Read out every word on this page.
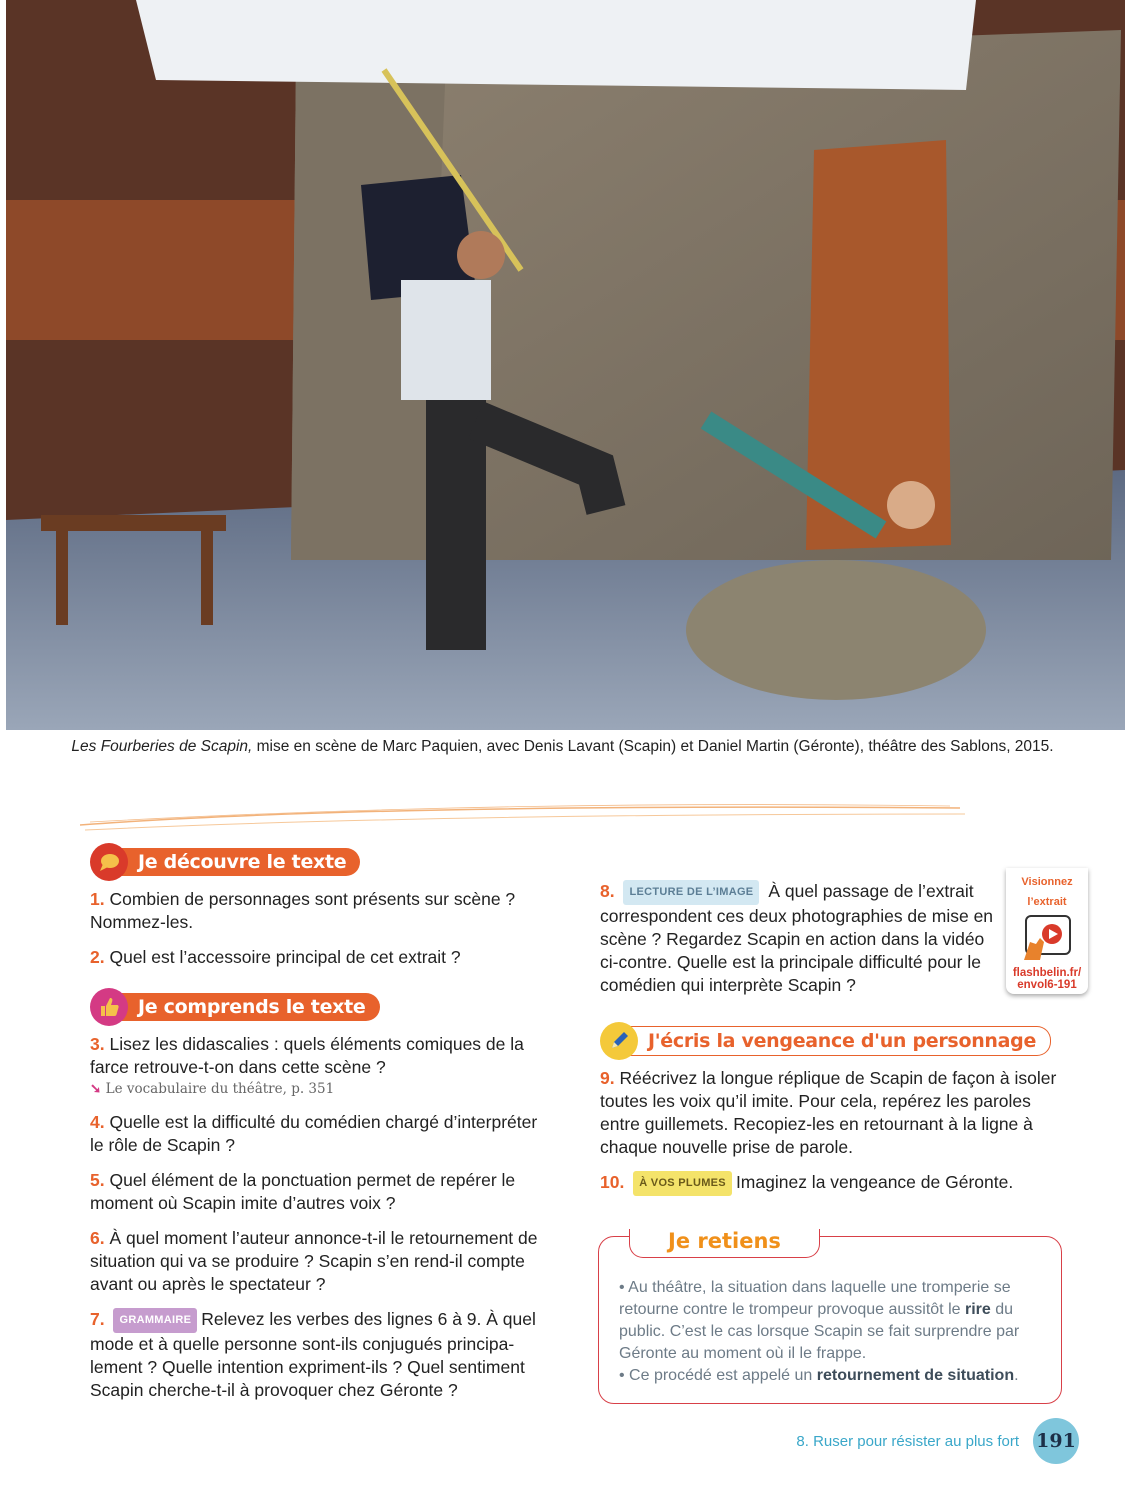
Les Fourberies de Scapin, mise en scène de Marc Paquien, avec Denis Lavant (Scapin) et Daniel Martin (Géronte), théâtre des Sablons, 2015.
Je découvre le texte

1. Combien de personnages sont présents sur scène ? Nommez-les.

2. Quel est l’accessoire principal de cet extrait ?

Je comprends le texte

3. Lisez les didascalies : quels éléments comiques de la farce retrouve-t-on dans cette scène ?

➘ Le vocabulaire du théâtre, p. 351

4. Quelle est la difficulté du comédien chargé d’interpréter le rôle de Scapin ?

5. Quel élément de la ponctuation permet de repérer le moment où Scapin imite d’autres voix ?

6. À quel moment l’auteur annonce-t-il le retournement de situation qui va se produire ? Scapin s’en rend-il compte avant ou après le spectateur ?

7. GRAMMAIRE Relevez les verbes des lignes 6 à 9. À quel mode et à quelle personne sont-ils conjugués principalement ? Quelle intention expriment-ils ? Quel sentiment Scapin cherche-t-il à provoquer chez Géronte ?

8. LECTURE DE L’IMAGE À quel passage de l’extrait correspondent ces deux photographies de mise en scène ? Regardez Scapin en action dans la vidéo ci-contre. Quelle est la principale difficulté pour le comédien qui interprète Scapin ?

J'écris la vengeance d'un personnage

9. Réécrivez la longue réplique de Scapin de façon à isoler toutes les voix qu’il imite. Pour cela, repérez les paroles entre guillemets. Recopiez-les en retournant à la ligne à chaque nouvelle prise de parole.

10. À VOS PLUMES Imaginez la vengeance de Géronte.

Visionnez
l’extrait
flashbelin.fr/
envol6-191
Je retiens
• Au théâtre, la situation dans laquelle une tromperie se retourne contre le trompeur provoque aussitôt le rire du public. C’est le cas lorsque Scapin se fait surprendre par Géronte au moment où il le frappe.
• Ce procédé est appelé un retournement de situation.
8. Ruser pour résister au plus fort 191
